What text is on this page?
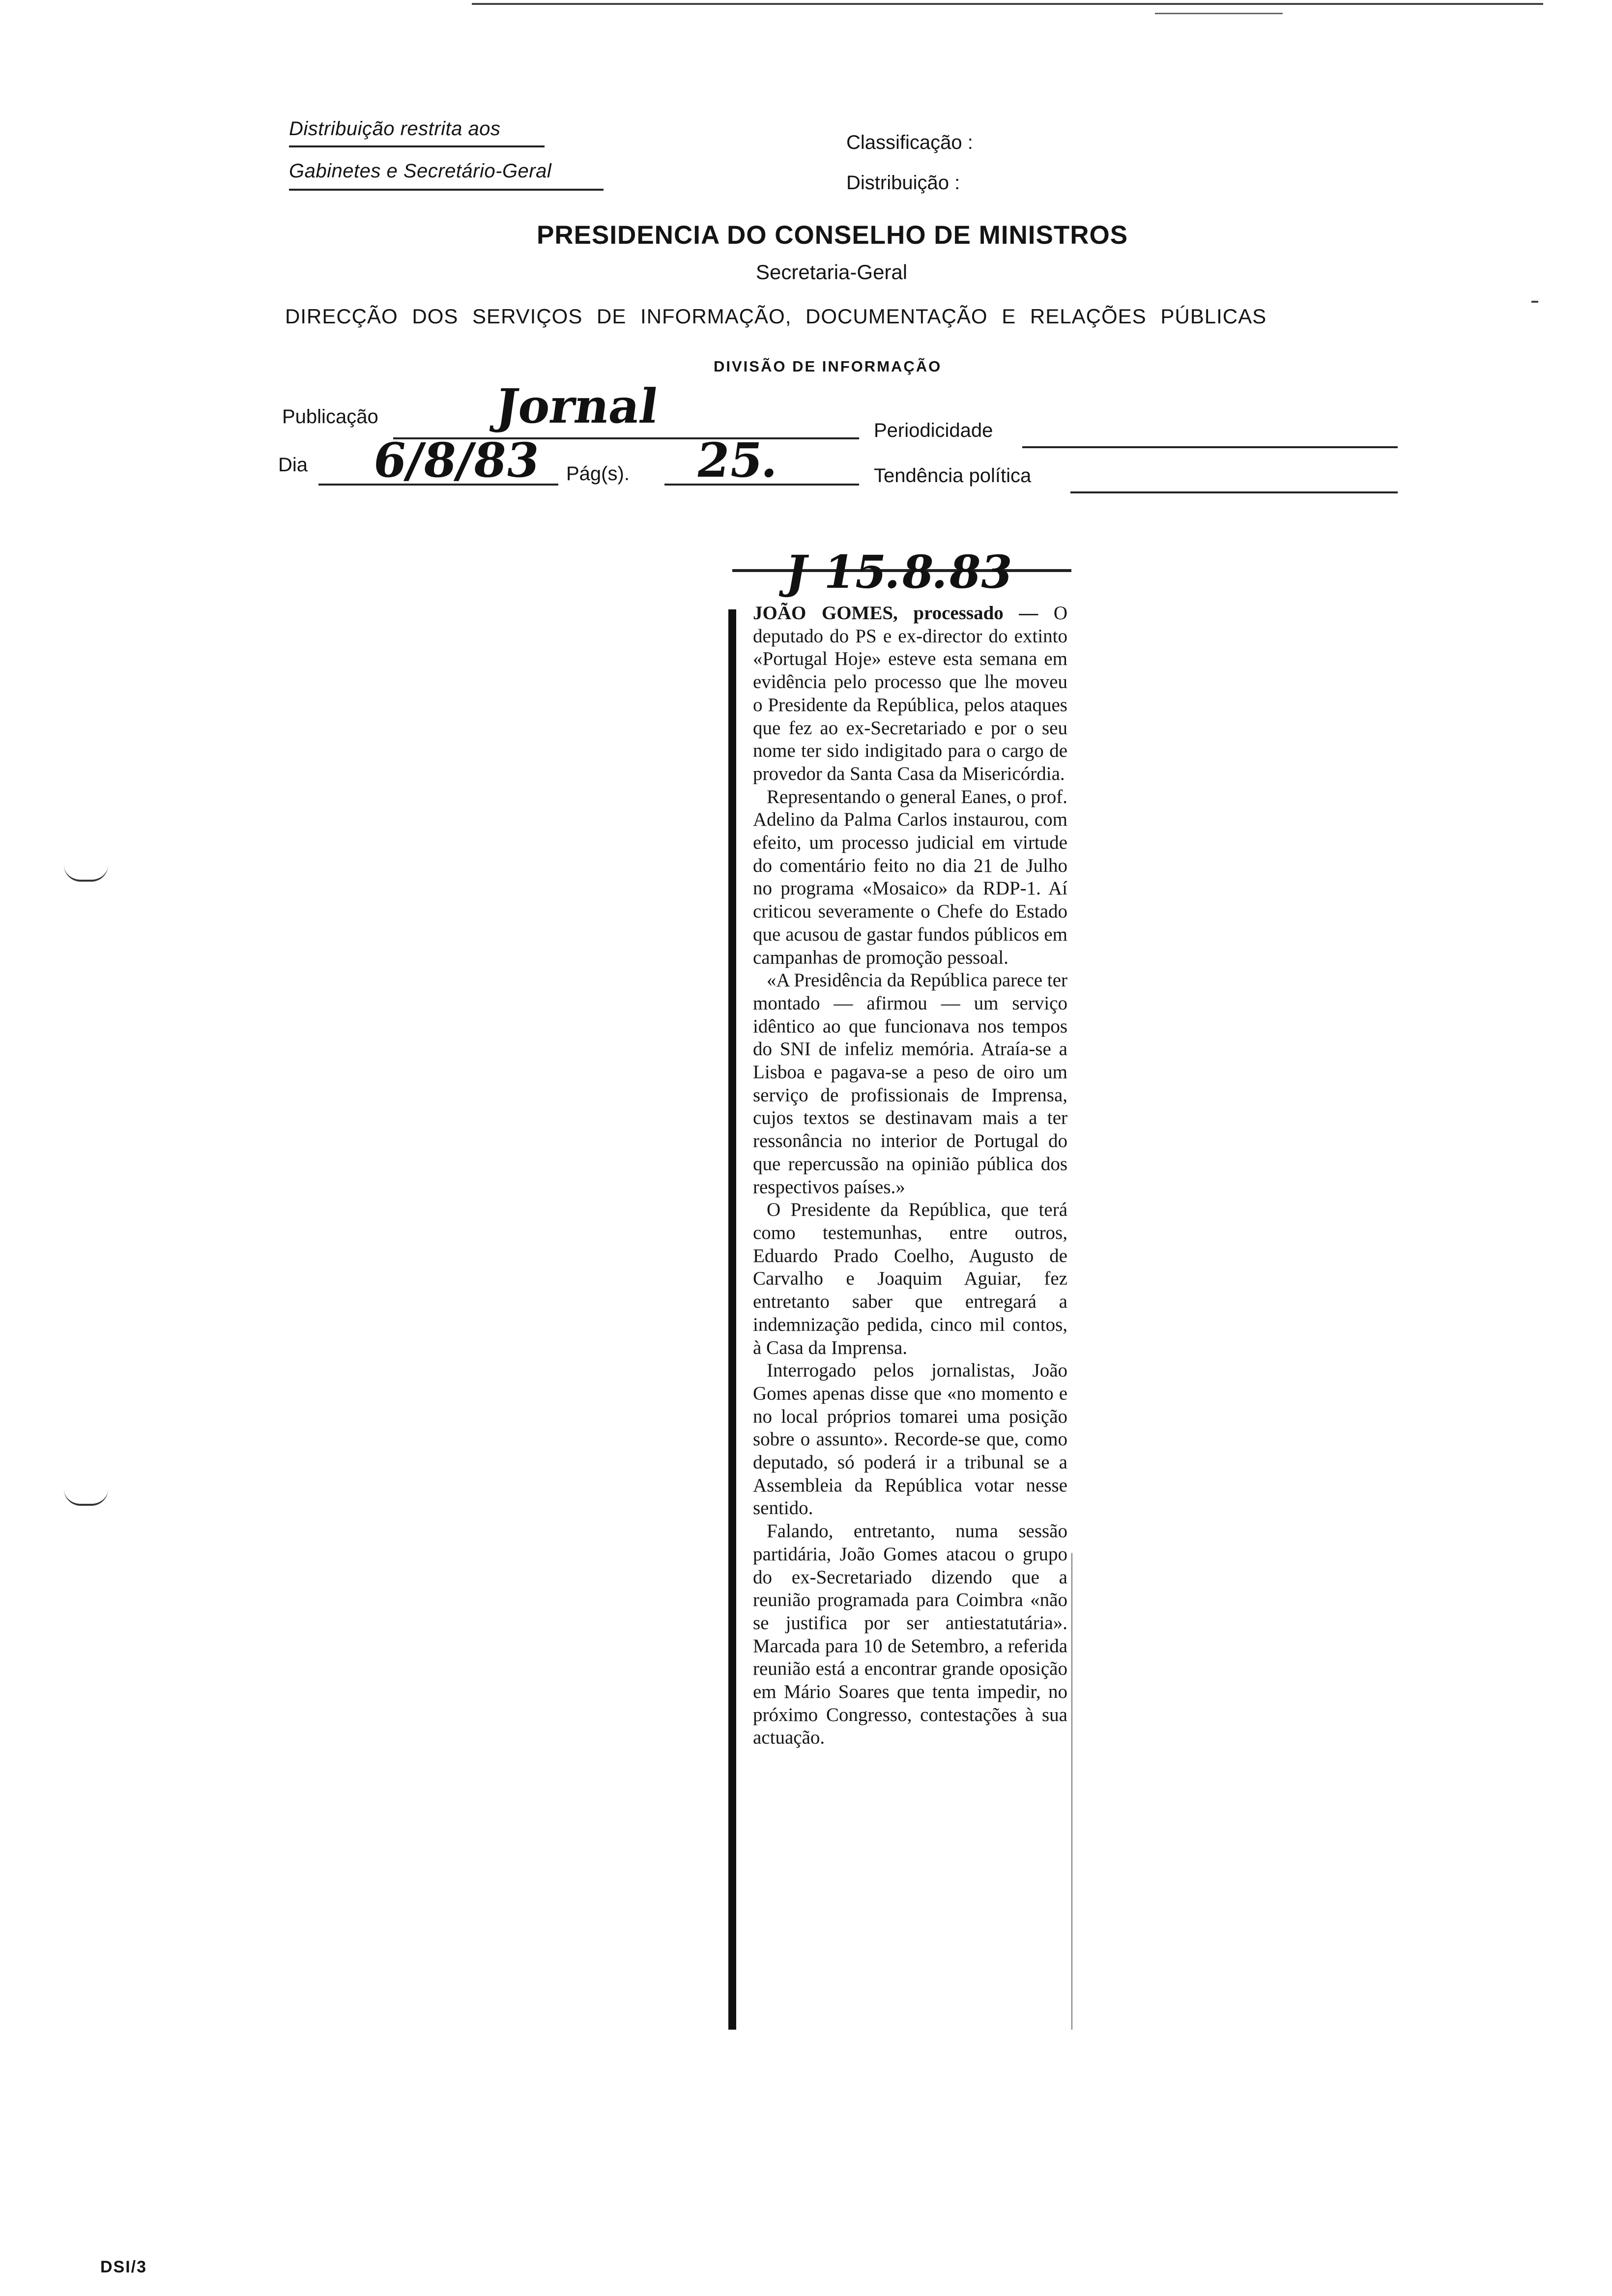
Distribuição restrita aos
Gabinetes e Secretário-Geral
Classificação :
Distribuição :
PRESIDENCIA DO CONSELHO DE MINISTROS
Secretaria-Geral
DIRECÇÃO DOS SERVIÇOS DE INFORMAÇÃO, DOCUMENTAÇÃO E RELAÇÕES PÚBLICAS
DIVISÃO DE INFORMAÇÃO
Publicação Jornal	Periodicidade
Dia 6/8/83 Pág(s). 25.	Tendência política
J 15.8.83

JOÃO GOMES, processado — O deputado do PS e ex-director do extinto «Portugal Hoje» esteve esta semana em evidência pelo processo que lhe moveu o Presidente da República, pelos ataques que fez ao ex-Secretariado e por o seu nome ter sido indigitado para o cargo de provedor da Santa Casa da Misericórdia.

Representando o general Eanes, o prof. Adelino da Palma Carlos instaurou, com efeito, um processo judicial em virtude do comentário feito no dia 21 de Julho no programa «Mosaico» da RDP-1. Aí criticou severamente o Chefe do Estado que acusou de gastar fundos públicos em campanhas de promoção pessoal.

«A Presidência da República parece ter montado — afirmou — um serviço idêntico ao que funcionava nos tempos do SNI de infeliz memória. Atraía-se a Lisboa e pagava-se a peso de oiro um serviço de profissionais de Imprensa, cujos textos se destinavam mais a ter ressonância no interior de Portugal do que repercussão na opinião pública dos respectivos países.»

O Presidente da República, que terá como testemunhas, entre outros, Eduardo Prado Coelho, Augusto de Carvalho e Joaquim Aguiar, fez entretanto saber que entregará a indemnização pedida, cinco mil contos, à Casa da Imprensa.

Interrogado pelos jornalistas, João Gomes apenas disse que «no momento e no local próprios tomarei uma posição sobre o assunto». Recorde-se que, como deputado, só poderá ir a tribunal se a Assembleia da República votar nesse sentido.

Falando, entretanto, numa sessão partidária, João Gomes atacou o grupo do ex-Secretariado dizendo que a reunião programada para Coimbra «não se justifica por ser antiestatutária». Marcada para 10 de Setembro, a referida reunião está a encontrar grande oposição em Mário Soares que tenta impedir, no próximo Congresso, contestações à sua actuação.

DSI/3
